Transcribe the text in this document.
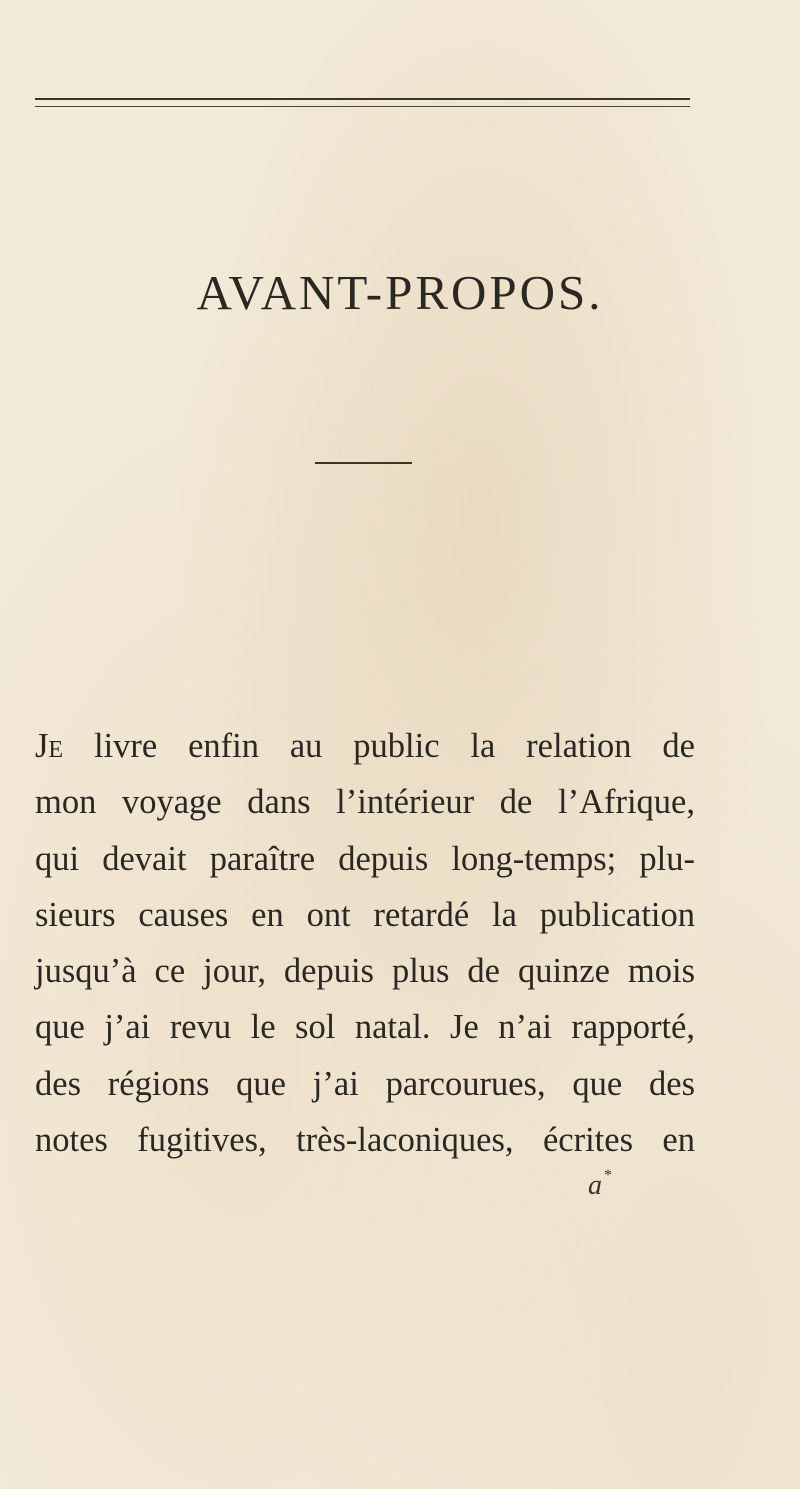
AVANT-PROPOS.
Je livre enfin au public la relation de
mon voyage dans l’intérieur de l’Afrique,
qui devait paraître depuis long-temps; plu-
sieurs causes en ont retardé la publication
jusqu’à ce jour, depuis plus de quinze mois
que j’ai revu le sol natal. Je n’ai rapporté,
des régions que j’ai parcourues, que des
notes fugitives, très-laconiques, écrites en
a *
